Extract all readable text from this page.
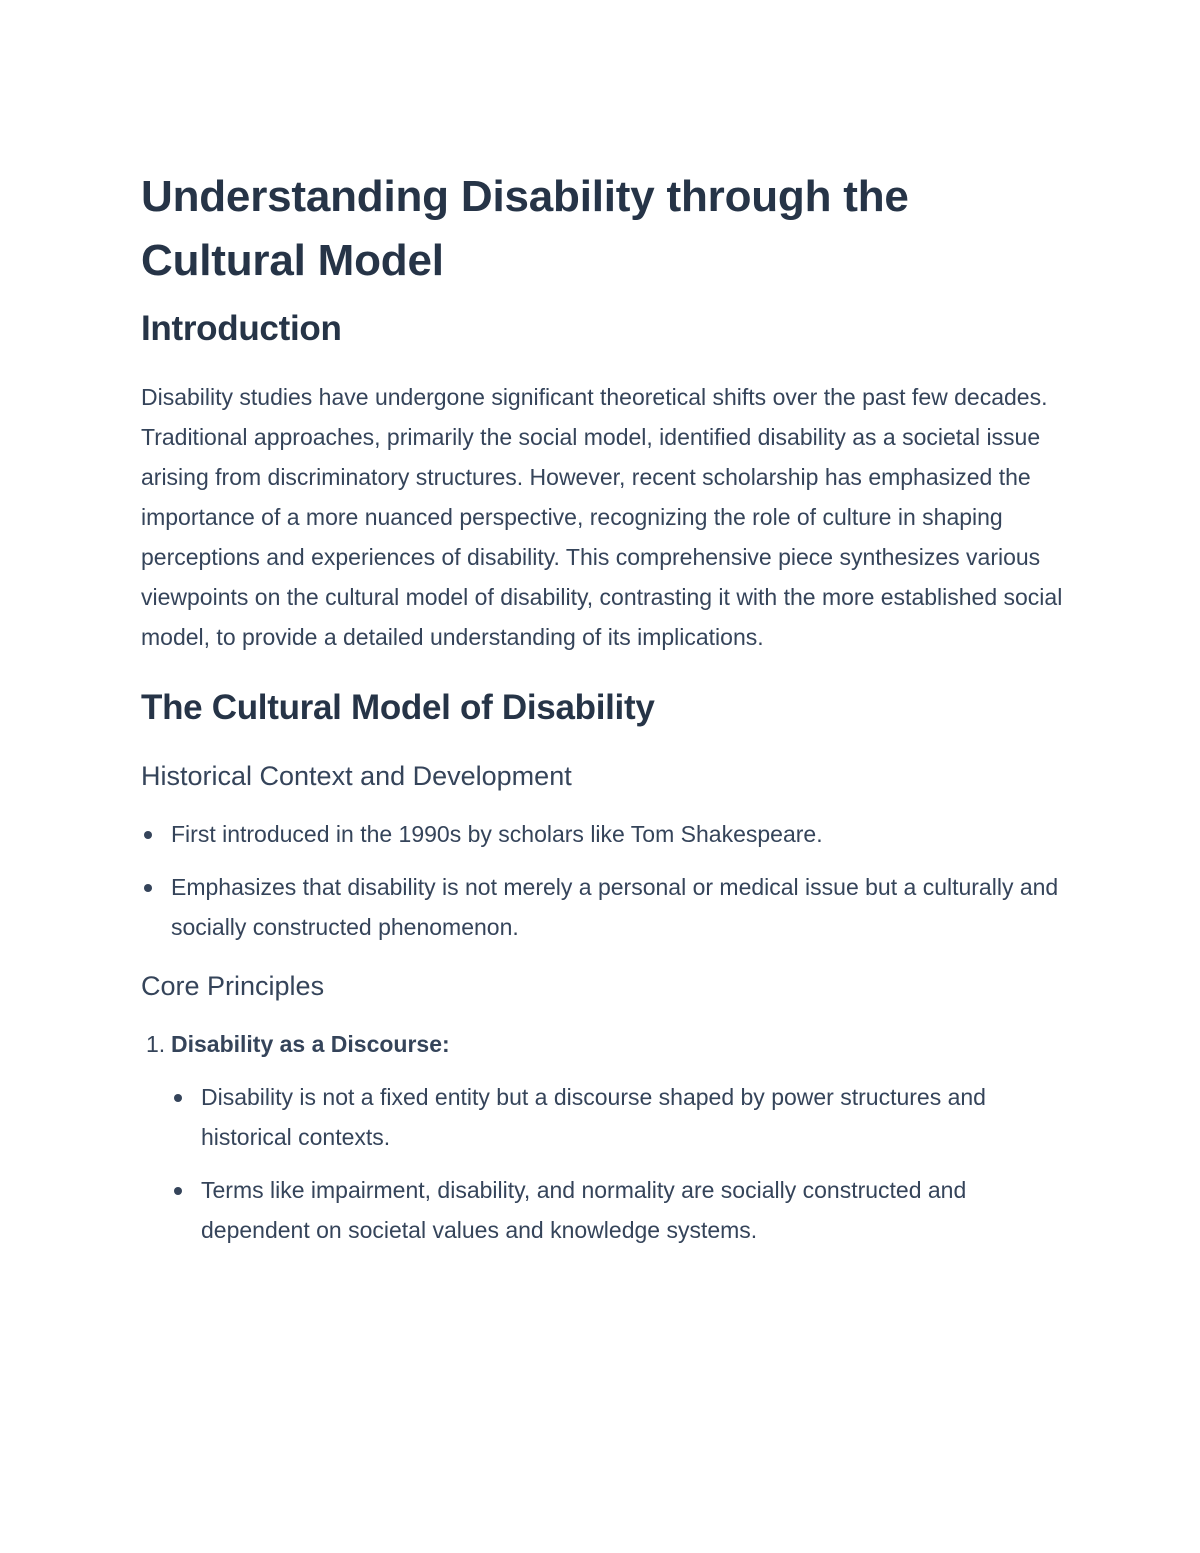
Understanding Disability through the Cultural Model
Introduction

Disability studies have undergone significant theoretical shifts over the past few decades. Traditional approaches, primarily the social model, identified disability as a societal issue arising from discriminatory structures. However, recent scholarship has emphasized the importance of a more nuanced perspective, recognizing the role of culture in shaping perceptions and experiences of disability. This comprehensive piece synthesizes various viewpoints on the cultural model of disability, contrasting it with the more established social model, to provide a detailed understanding of its implications.

The Cultural Model of Disability
Historical Context and Development
First introduced in the 1990s by scholars like Tom Shakespeare.
Emphasizes that disability is not merely a personal or medical issue but a culturally and socially constructed phenomenon.
Core Principles
1. Disability as a Discourse:
Disability is not a fixed entity but a discourse shaped by power structures and historical contexts.
Terms like impairment, disability, and normality are socially constructed and dependent on societal values and knowledge systems.
